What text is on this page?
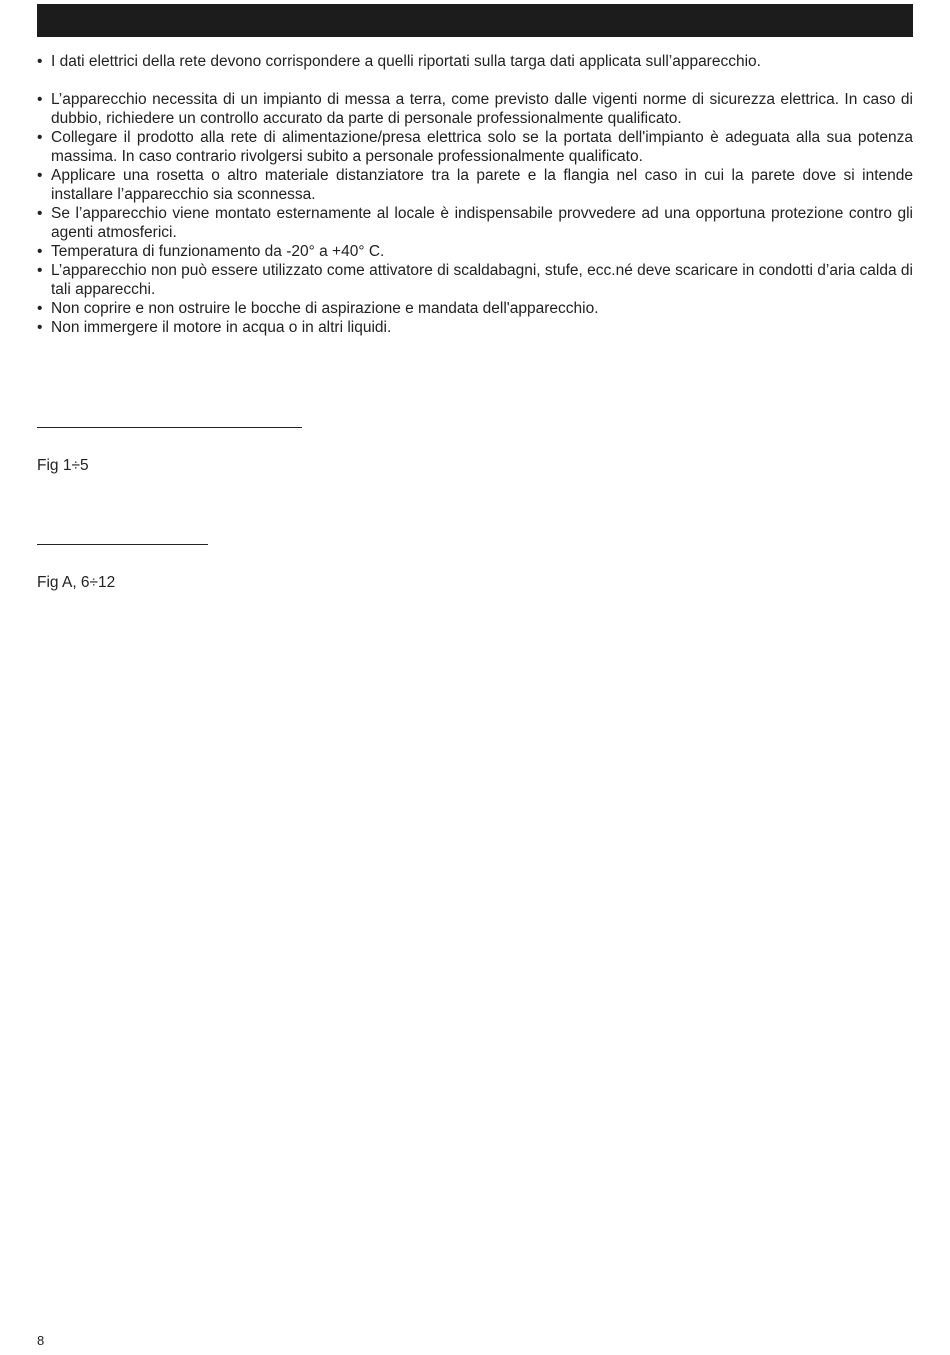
• I dati elettrici della rete devono corrispondere a quelli riportati sulla targa dati applicata sull’apparecchio.
• L’apparecchio necessita di un impianto di messa a terra, come previsto dalle vigenti norme di sicurezza elettrica. In caso di dubbio, richiedere un controllo accurato da parte di personale professionalmente qualificato.
• Collegare il prodotto alla rete di alimentazione/presa elettrica solo se la portata dell'impianto è adeguata alla sua potenza massima. In caso contrario rivolgersi subito a personale professionalmente qualificato.
• Applicare una rosetta o altro materiale distanziatore tra la parete e la flangia nel caso in cui la parete dove si intende installare l’apparecchio sia sconnessa.
• Se l’apparecchio viene montato esternamente al locale è indispensabile provvedere ad una opportuna protezione contro gli agenti atmosferici.
• Temperatura di funzionamento da -20° a +40° C.
• L’apparecchio non può essere utilizzato come attivatore di scaldabagni, stufe, ecc.né deve scaricare in condotti d’aria calda di tali apparecchi.
• Non coprire e non ostruire le bocche di aspirazione e mandata dell'apparecchio.
• Non immergere il motore in acqua o in altri liquidi.
Fig 1÷5
Fig A, 6÷12
8
